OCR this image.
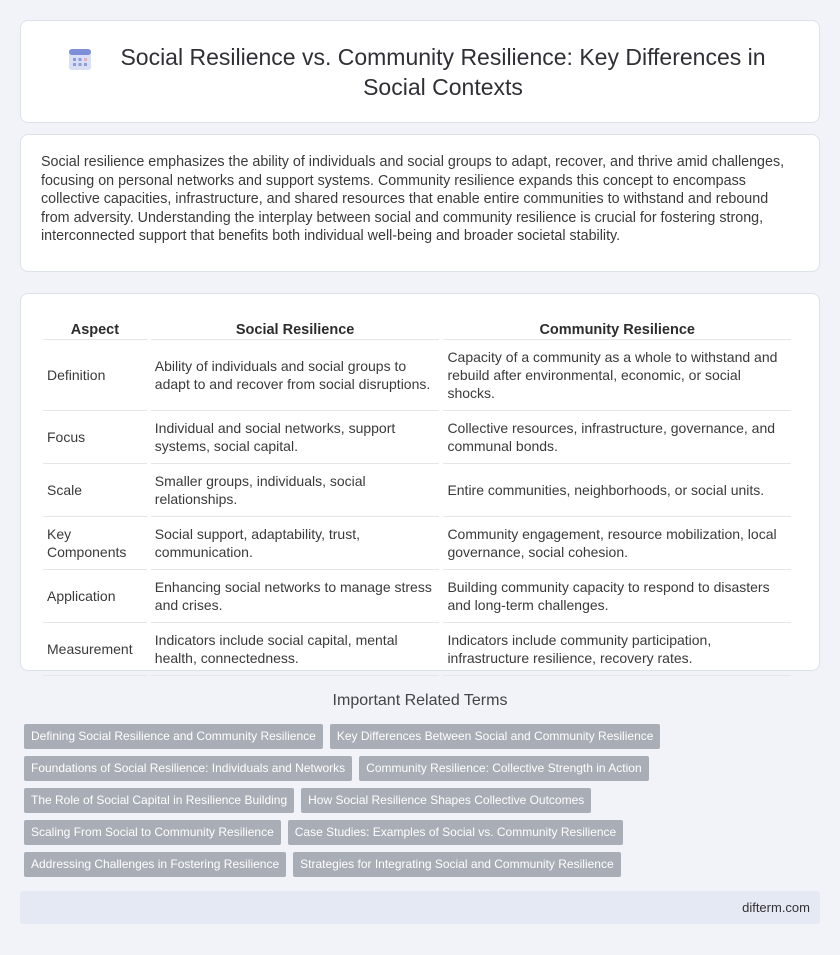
Social Resilience vs. Community Resilience: Key Differences in Social Contexts

Social resilience emphasizes the ability of individuals and social groups to adapt, recover, and thrive amid challenges, focusing on personal networks and support systems. Community resilience expands this concept to encompass collective capacities, infrastructure, and shared resources that enable entire communities to withstand and rebound from adversity. Understanding the interplay between social and community resilience is crucial for fostering strong, interconnected support that benefits both individual well-being and broader societal stability.

Aspect	Social Resilience	Community Resilience
Definition	Ability of individuals and social groups to adapt to and recover from social disruptions.	Capacity of a community as a whole to withstand and rebuild after environmental, economic, or social shocks.
Focus	Individual and social networks, support systems, social capital.	Collective resources, infrastructure, governance, and communal bonds.
Scale	Smaller groups, individuals, social relationships.	Entire communities, neighborhoods, or social units.
Key Components	Social support, adaptability, trust, communication.	Community engagement, resource mobilization, local governance, social cohesion.
Application	Enhancing social networks to manage stress and crises.	Building community capacity to respond to disasters and long-term challenges.
Measurement	Indicators include social capital, mental health, connectedness.	Indicators include community participation, infrastructure resilience, recovery rates.
Important Related Terms
Defining Social Resilience and Community Resilience	Key Differences Between Social and Community Resilience
Foundations of Social Resilience: Individuals and Networks	Community Resilience: Collective Strength in Action
The Role of Social Capital in Resilience Building	How Social Resilience Shapes Collective Outcomes
Scaling From Social to Community Resilience	Case Studies: Examples of Social vs. Community Resilience
Addressing Challenges in Fostering Resilience	Strategies for Integrating Social and Community Resilience
difterm.com
